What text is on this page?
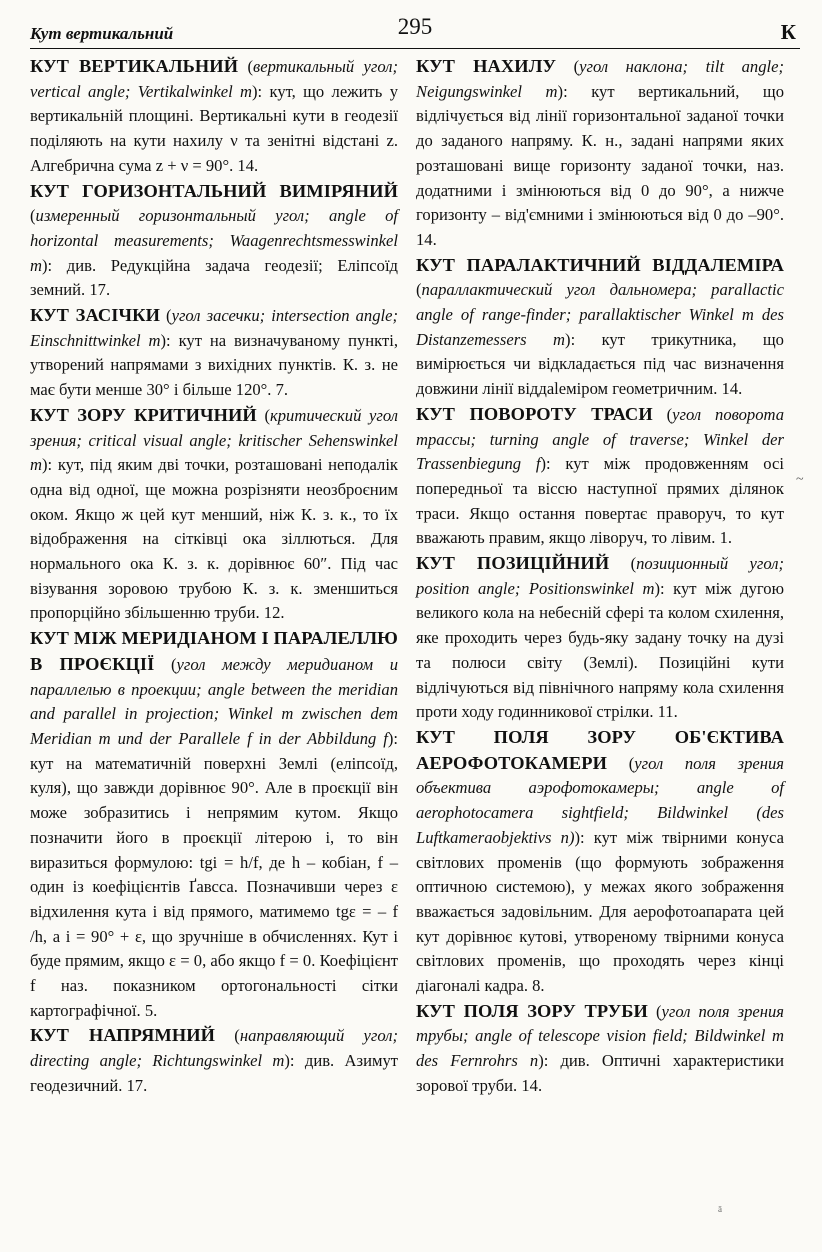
Кут вертикальний	295	К

КУТ ВЕРТИКАЛЬНИЙ (вертикальный угол; vertical angle; Vertikalwinkel m): кут, що лежить у вертикальній площині. Вертикальні кути в геодезії поділяють на кути нахилу ν та зенітні відстані z. Алгебрична сума z + ν = 90°. 14.

КУТ ГОРИЗОНТАЛЬНИЙ ВИМІРЯНИЙ (измеренный горизонтальный угол; angle of horizontal measurements; Waagenrechtsmesswinkel m): див. Редукційна задача геодезії; Еліпсоїд земний. 17.

КУТ ЗАСІЧКИ (угол засечки; intersection angle; Einschnittwinkel m): кут на визначуваному пункті, утворений напрямами з вихідних пунктів. К. з. не має бути менше 30° і більше 120°. 7.

КУТ ЗОРУ КРИТИЧНИЙ (критический угол зрения; critical visual angle; kritischer Sehenswinkel m): кут, під яким дві точки, розташовані неподалік одна від одної, ще можна розрізняти неозброєним оком. Якщо ж цей кут менший, ніж К. з. к., то їх відображення на сітківці ока зіллються. Для нормального ока К. з. к. дорівнює 60″. Під час візування зоровою трубою К. з. к. зменшиться пропорційно збільшенню труби. 12.

КУТ МІЖ МЕРИДІАНОМ І ПАРАЛЕЛЛЮ В ПРОЄКЦІЇ (угол между меридианом и параллелью в проекции; angle between the meridian and parallel in projection; Winkel m zwischen dem Meridian m und der Parallele f in der Abbildung f): кут на математичній поверхні Землі (еліпсоїд, куля), що завжди дорівнює 90°. Але в проєкції він може зобразитись і непрямим кутом. Якщо позначити його в проєкції літерою i, то він виразиться формулою: tgi = h/f, де h – кобіан, f – один із коефіцієнтів Ґавсса. Позначивши через ε відхилення кута i від прямого, матимемо tgε = – f /h, а i = 90° + ε, що зручніше в обчисленнях. Кут i буде прямим, якщо ε = 0, або якщо f = 0. Коефіцієнт f наз. показником ортогональності сітки картографічної. 5.

КУТ НАПРЯМНИЙ (направляющий угол; directing angle; Richtungswinkel m): див. Азимут геодезичний. 17.

КУТ НАХИЛУ (угол наклона; tilt angle; Neigungswinkel m): кут вертикальний, що відлічується від лінії горизонтальної заданої точки до заданого напряму. К. н., задані напрями яких розташовані вище горизонту заданої точки, наз. додатними і змінюються від 0 до 90°, а нижче горизонту – від'ємними і змінюються від 0 до –90°. 14.

КУТ ПАРАЛАКТИЧНИЙ ВІДДАЛЕМІРА (параллактический угол дальномера; parallactic angle of range-finder; parallaktischer Winkel m des Distanzemessers m): кут трикутника, що вимірюється чи відкладається під час визначення довжини лінії віддаleміром геометричним. 14.

КУТ ПОВОРОТУ ТРАСИ (угол поворота трассы; turning angle of traverse; Winkel der Trassenbiegung f): кут між продовженням осі попередньої та віссю наступної прямих ділянок траси. Якщо остання повертає праворуч, то кут вважають правим, якщо ліворуч, то лівим. 1.

КУТ ПОЗИЦІЙНИЙ (позиционный угол; position angle; Positionswinkel m): кут між дугою великого кола на небесній сфері та колом схилення, яке проходить через будь-яку задану точку на дузі та полюси світу (Землі). Позиційні кути відлічуються від північного напряму кола схилення проти ходу годинникової стрілки. 11.

КУТ ПОЛЯ ЗОРУ ОБ'ЄКТИВА АЕРОФОТОКАМЕРИ (угол поля зрения объектива аэрофотокамеры; angle of aerophotocamera sightfield; Bildwinkel (des Luftkameraobjektivs n)): кут між твірними конуса світлових променів (що формують зображення оптичною системою), у межах якого зображення вважається задовільним. Для аерофотоапарата цей кут дорівнює кутові, утвореному твірними конуса світлових променів, що проходять через кінці діагоналі кадра. 8.

КУТ ПОЛЯ ЗОРУ ТРУБИ (угол поля зрения трубы; angle of telescope vision field; Bildwinkel m des Fernrohrs n): див. Оптичні характеристики зорової труби. 14.

~
ā
